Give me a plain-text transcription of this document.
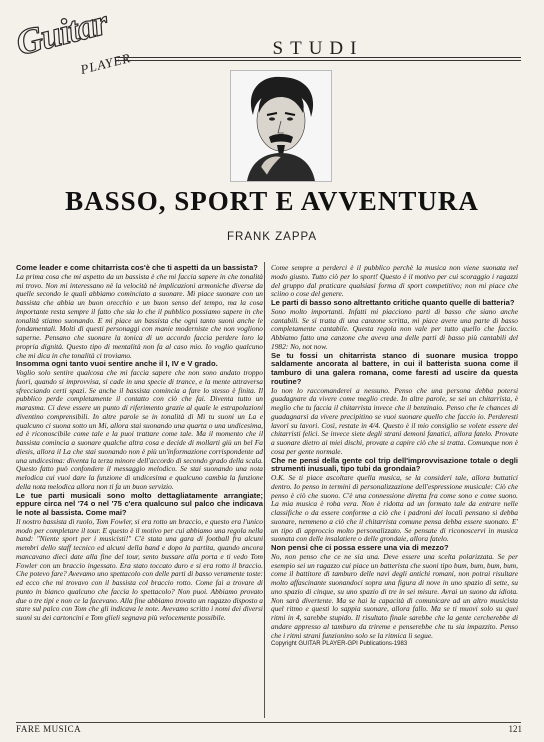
Guitar
PLAYER
STUDI
BASSO, SPORT E AVVENTURA
FRANK ZAPPA
Come leader e come chitarrista cos'è che ti aspetti da un bassista?
La prima cosa che mi aspetto da un bassista è che mi faccia sapere in che tonalità mi trovo. Non mi interessano nè la velocità nè implicazioni armoniche diverse da quelle secondo le quali abbiamo cominciato a suonare. Mi piace suonare con un bassista che abbia un buon orecchio e un buon senso del tempo, ma la cosa importante resta sempre il fatto che sia lo che il pubblico possiamo sapere in che tonalità stiamo suonando. E mi piace un bassista che ogni tanto suoni anche le fondamentali. Molti di questi personaggi con manie moderniste che non vogliono saperne. Pensano che suonare la tonica di un accordo faccia perdere loro la propria dignità. Questo tipo di mentalità non fa al caso mio. Io voglio qualcuno che mi dica in che tonalità ci troviamo.
Insomma ogni tanto vuoi sentire anche il I, IV e V grado.
Voglio solo sentire qualcosa che mi faccia sapere che non sono andato troppo fuori, quando si improvvisa, si cade in una specie di trance, e la mente attraversa sfrecciando certi spazi. Se anche il bassista comincia a fare lo stesso è finita. Il pubblico perde completamente il contatto con ciò che fai. Diventa tutto un marasma. Ci deve essere un punto di riferimento grazie al quale le estrapolazioni diventino comprensibili. In altre parole se in tonalità di Mi tu suoni un La e qualcuno ci suona sotto un Mi, allora stai suonando una quarta o una undicesima, ed è riconoscibile come tale e la puoi trattare come tale. Ma il momento che il bassista comincia a suonare qualche altra cosa e decide di mollarti giù un bel Fa diesis, allora il La che stai suonando non è più un'informazione corrispondente ad una undicesima: diventa la terza minore dell'accordo di secondo grado della scala. Questo fatto può confondere il messaggio melodico. Se stai suonando una nota melodica cui vuoi dare la funzione di undicesima e qualcuno cambia la funzione della nota melodica allora non ti fa un buon servizio.
Le tue parti musicali sono molto dettagliatamente arrangiate; eppure circa nel '74 o nel '75 c'era qualcuno sul palco che indicava le note al bassista. Come mai?
Il nostro bassista di ruolo, Tom Fowler, si era rotto un braccio, e questo era l'unico modo per completare il tour. E questo è il motivo per cui abbiamo una regola nella band: "Niente sport per i musicisti!" C'è stata una gara di football fra alcuni membri dello staff tecnico ed alcuni della band e dopo la partita, quando ancora mancavano dieci date alla fine del tour, sento bussare alla porta e ti vedo Tom Fowler con un braccio ingessato. Era stato toccato duro e si era rotto il braccio. Che potevo fare? Avevamo uno spettacolo con delle parti di basso veramente toste: ed ecco che mi trovavo con il bassista col braccio rotto. Come fai a trovare di punto in bianco qualcuno che faccia lo spettacolo? Non puoi. Abbiamo provato due o tre tipi e non ce la facevano. Alla fine abbiamo trovato un ragazzo disposto a stare sul palco con Tom che gli indicava le note. Avevamo scritto i nomi dei diversi suoni su dei cartoncini e Tom glieli segnava più velocemente possibile.
Come sempre a perderci è il pubblico perchè la musica non viene suonata nel modo giusto. Tutto ciò per lo sport! Questo è il motivo per cui scoraggio i ragazzi del gruppo dal praticare qualsiasi forma di sport competitivo; non mi piace che sciino o cose del genere.
Le parti di basso sono altrettanto critiche quanto quelle di batteria?
Sono molto importanti. Infatti mi piacciono parti di basso che siano anche cantabili. Se si tratta di una canzone scritta, mi piace avere una parte di basso completamente cantabile. Questa regola non vale per tutto quello che faccio. Abbiamo fatto una canzone che aveva una delle parti di basso più cantabili del 1982: No, not now.
Se tu fossi un chitarrista stanco di suonare musica troppo saldamente ancorata al battere, in cui il batterista suona come il tamburo di una galera romana, come faresti ad uscire da questa routine?
Io non lo raccomanderei a nessuno. Penso che una persona debba potersi guadagnare da vivere come meglio crede. In altre parole, se sei un chitarrista, è meglio che tu faccia il chitarrista invece che il benzinaio. Penso che le chances di guadagnarsi da vivere precipitino se vuoi suonare quello che faccio io. Perderesti lavori su lavori. Così, restate in 4/4. Questo è il mio consiglio se volete essere dei chitarristi felici. Se invece siete degli strani demoni fanatici, allora fatelo. Provate a suonare dietro ai miei dischi, provate a capire ciò che si tratta. Comunque non è cosa per gente normale.
Che ne pensi della gente col trip dell'improvvisazione totale o degli strumenti inusuali, tipo tubi da grondaia?
O.K. Se ti piace ascoltare quella musica, se la consideri tale, allora buttatici dentro. Io penso in termini di personalizzazione dell'espressione musicale: Ciò che penso è ciò che suono. C'è una connessione diretta fra come sono e come suono. La mia musica è roba vera. Non è ridotta ad un formato tale da entrare nelle classifiche o da essere conforme a ciò che i padroni dei locali pensano si debba suonare, nemmeno a ciò che il chitarrista comune pensa debba essere suonato. E' un tipo di approccio molto personalizzato. Se pensate di riconoscervi in musica suonata con delle insalatiere o delle grondaie, allora fatelo.
Non pensi che ci possa essere una via di mezzo?
No, non penso che ce ne sia una. Deve essere una scelta polarizzata. Se per esempio sei un ragazzo cui piace un batterista che suoni tipo bum, bum, bum, bum, come il battitore di tamburo delle navi degli antichi romani, non potrai risultare molto affascinante suonandoci sopra una figura di nove in uno spazio di sette, su uno spazio di cinque, su uno spazio di tre in sei misure. Avrai un suono da idiota. Non sarà divertente. Ma se hai la capacità di comunicare ad un altro musicista quel ritmo e questi lo sappia suonare, allora fallo. Ma se ti muovi solo su quei ritmi in 4, sarebbe stupido. Il risultato finale sarebbe che la gente cercherebbe di andare appresso al tamburo da trireme e penserebbe che tu sia impazzito. Penso che i ritmi strani funzionino solo se la ritmica li segue.
Copyright GUITAR PLAYER-GPI Publications-1983
FARE MUSICA	121
